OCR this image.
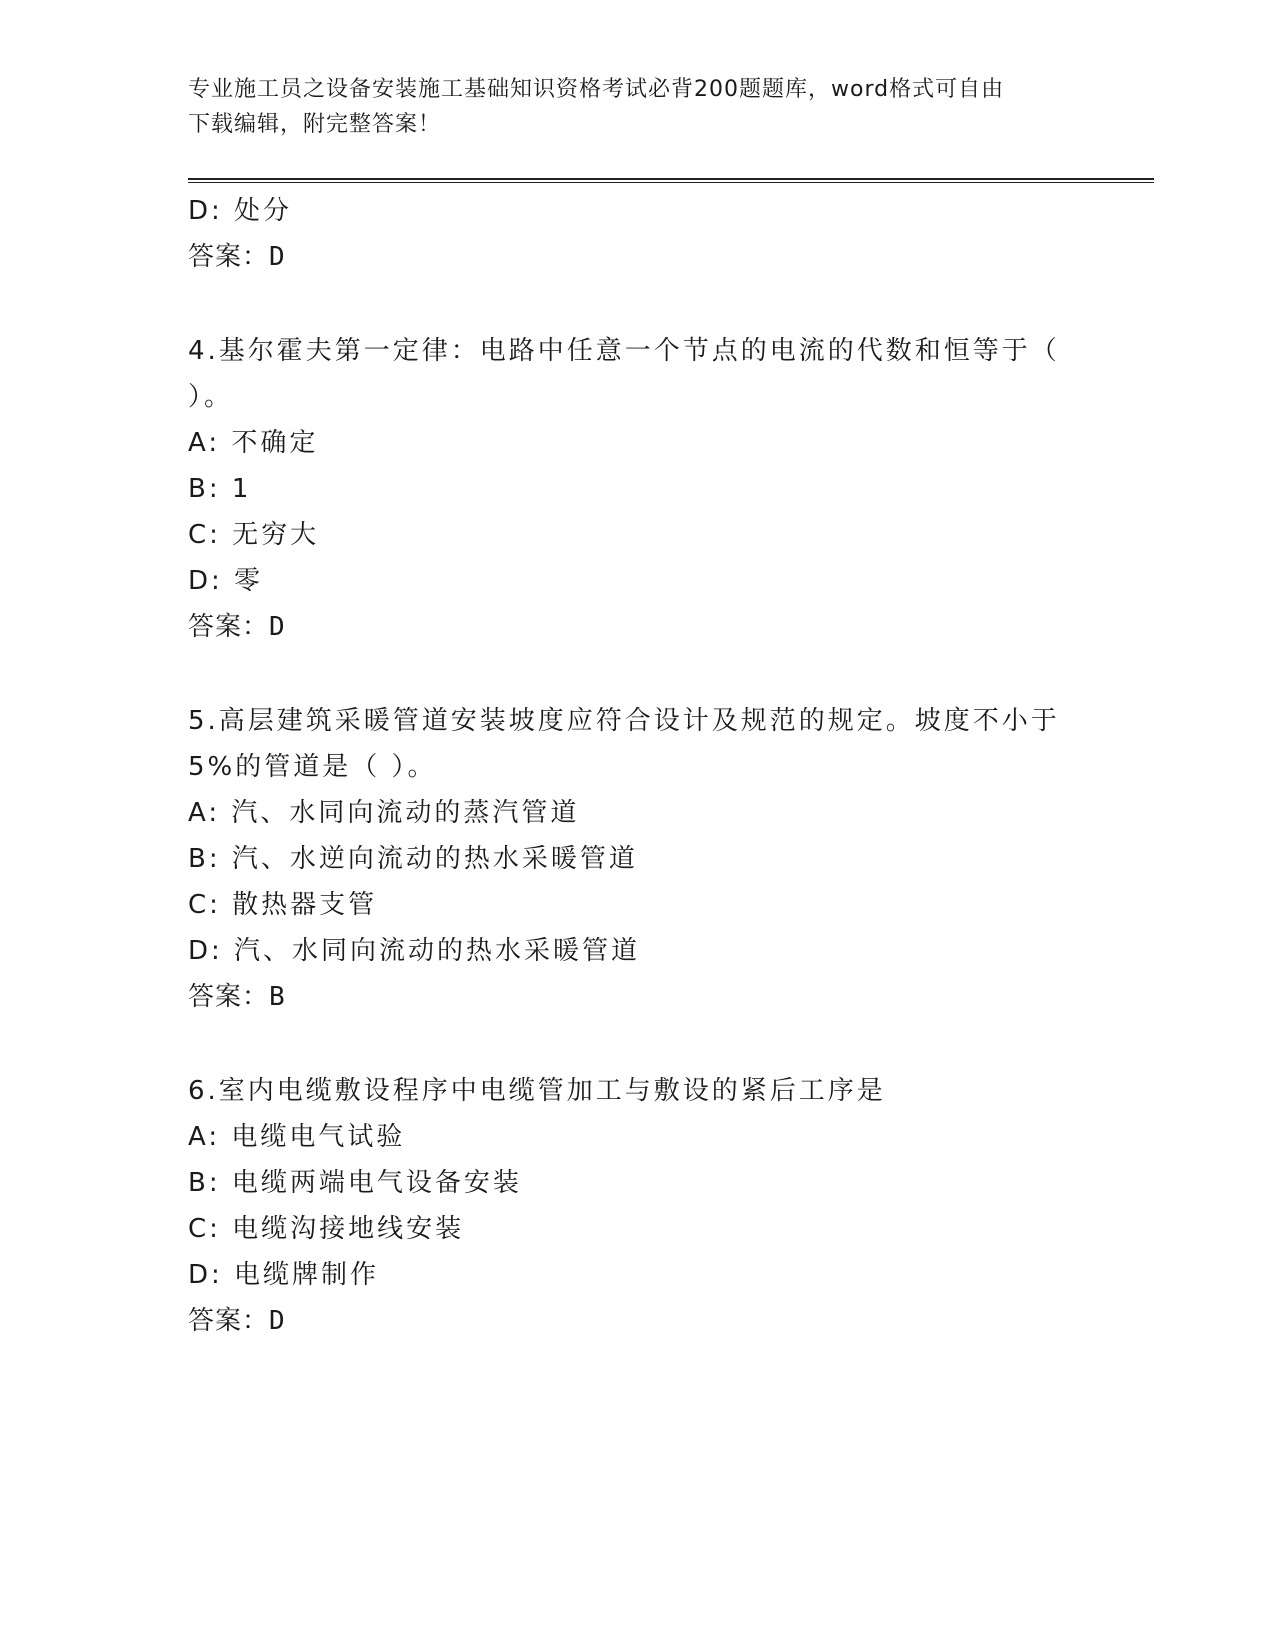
专业施工员之设备安装施工基础知识资格考试必背200题题库，word格式可自由
下载编辑，附完整答案！
D: 处分
答案：D
4.基尔霍夫第一定律：电路中任意一个节点的电流的代数和恒等于（
）。
A: 不确定
B: 1
C: 无穷大
D: 零
答案：D
5.高层建筑采暖管道安装坡度应符合设计及规范的规定。坡度不小于
5%的管道是（ ）。
A: 汽、水同向流动的蒸汽管道
B: 汽、水逆向流动的热水采暖管道
C: 散热器支管
D: 汽、水同向流动的热水采暖管道
答案：B
6.室内电缆敷设程序中电缆管加工与敷设的紧后工序是
A: 电缆电气试验
B: 电缆两端电气设备安装
C: 电缆沟接地线安装
D: 电缆牌制作
答案：D
